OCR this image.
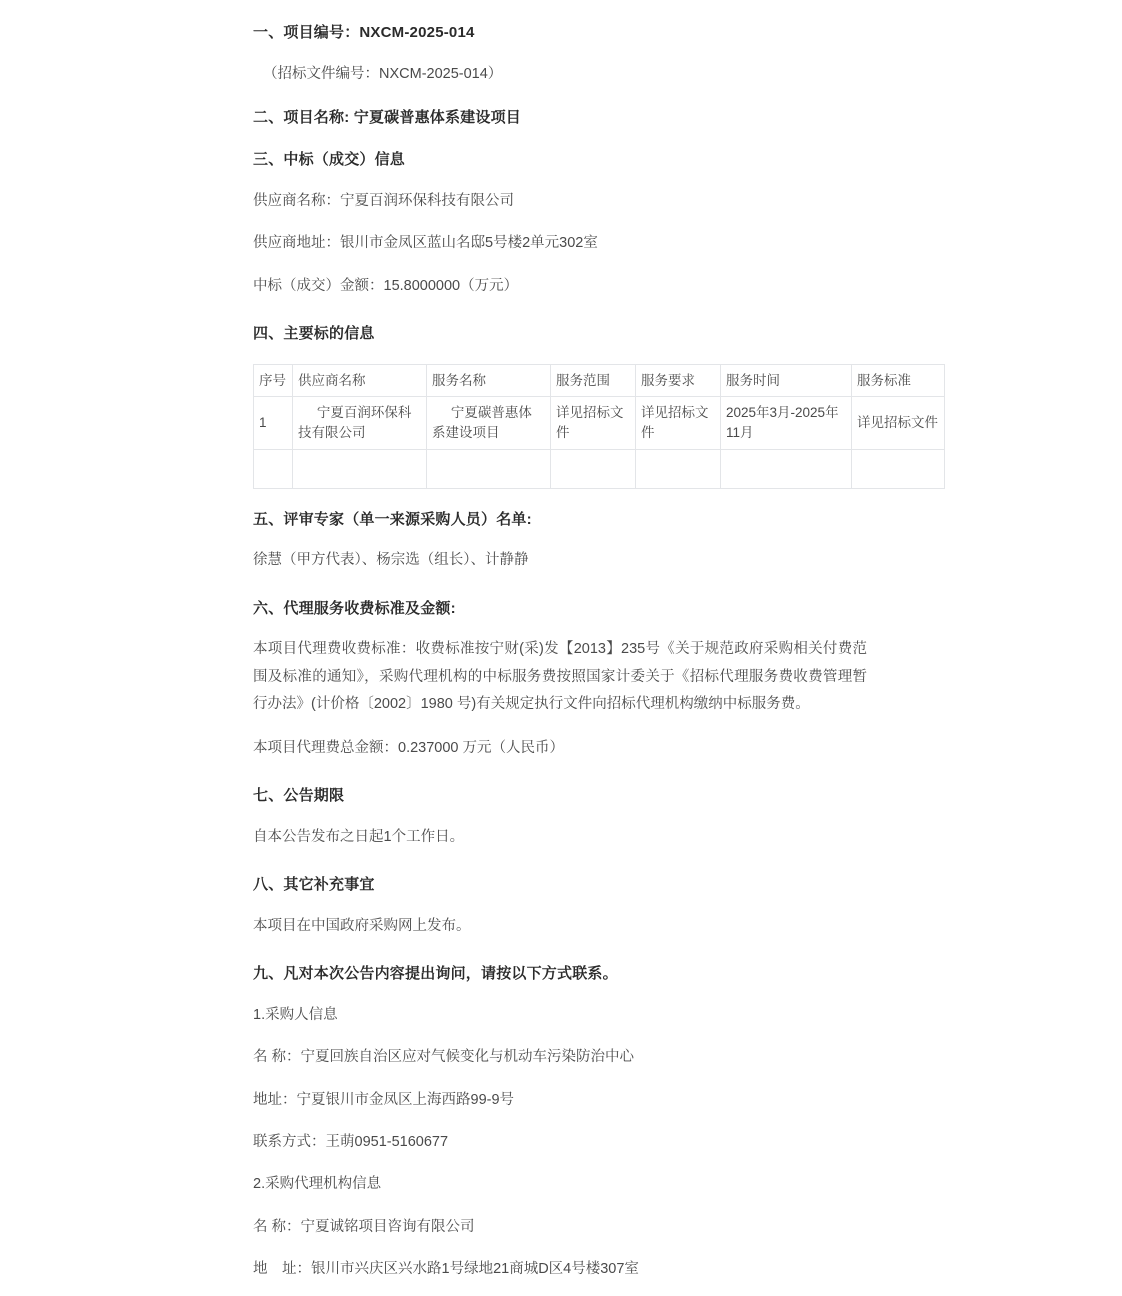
一、项目编号：NXCM-2025-014
（招标文件编号：NXCM-2025-014）
二、项目名称: 宁夏碳普惠体系建设项目
三、中标（成交）信息
供应商名称：宁夏百润环保科技有限公司
供应商地址：银川市金凤区蓝山名邸5号楼2单元302室
中标（成交）金额：15.8000000（万元）
四、主要标的信息
序号	供应商名称	服务名称	服务范围	服务要求	服务时间	服务标准
1	宁夏百润环保科技有限公司	宁夏碳普惠体系建设项目	详见招标文件	详见招标文件	2025年3月-2025年11月	详见招标文件

五、评审专家（单一来源采购人员）名单:
徐慧（甲方代表）、杨宗选（组长）、计静静
六、代理服务收费标准及金额:
本项目代理费收费标准：收费标准按宁财(采)发【2013】235号《关于规范政府采购相关付费范围及标准的通知》，采购代理机构的中标服务费按照国家计委关于《招标代理服务费收费管理暂行办法》(计价格〔2002〕1980 号)有关规定执行文件向招标代理机构缴纳中标服务费。
本项目代理费总金额：0.237000 万元（人民币）
七、公告期限
自本公告发布之日起1个工作日。
八、其它补充事宜
本项目在中国政府采购网上发布。
九、凡对本次公告内容提出询问，请按以下方式联系。
1.采购人信息
名 称：宁夏回族自治区应对气候变化与机动车污染防治中心
地址：宁夏银川市金凤区上海西路99-9号
联系方式：王萌0951-5160677
2.采购代理机构信息
名 称：宁夏诚铭项目咨询有限公司
地　址：银川市兴庆区兴水路1号绿地21商城D区4号楼307室
